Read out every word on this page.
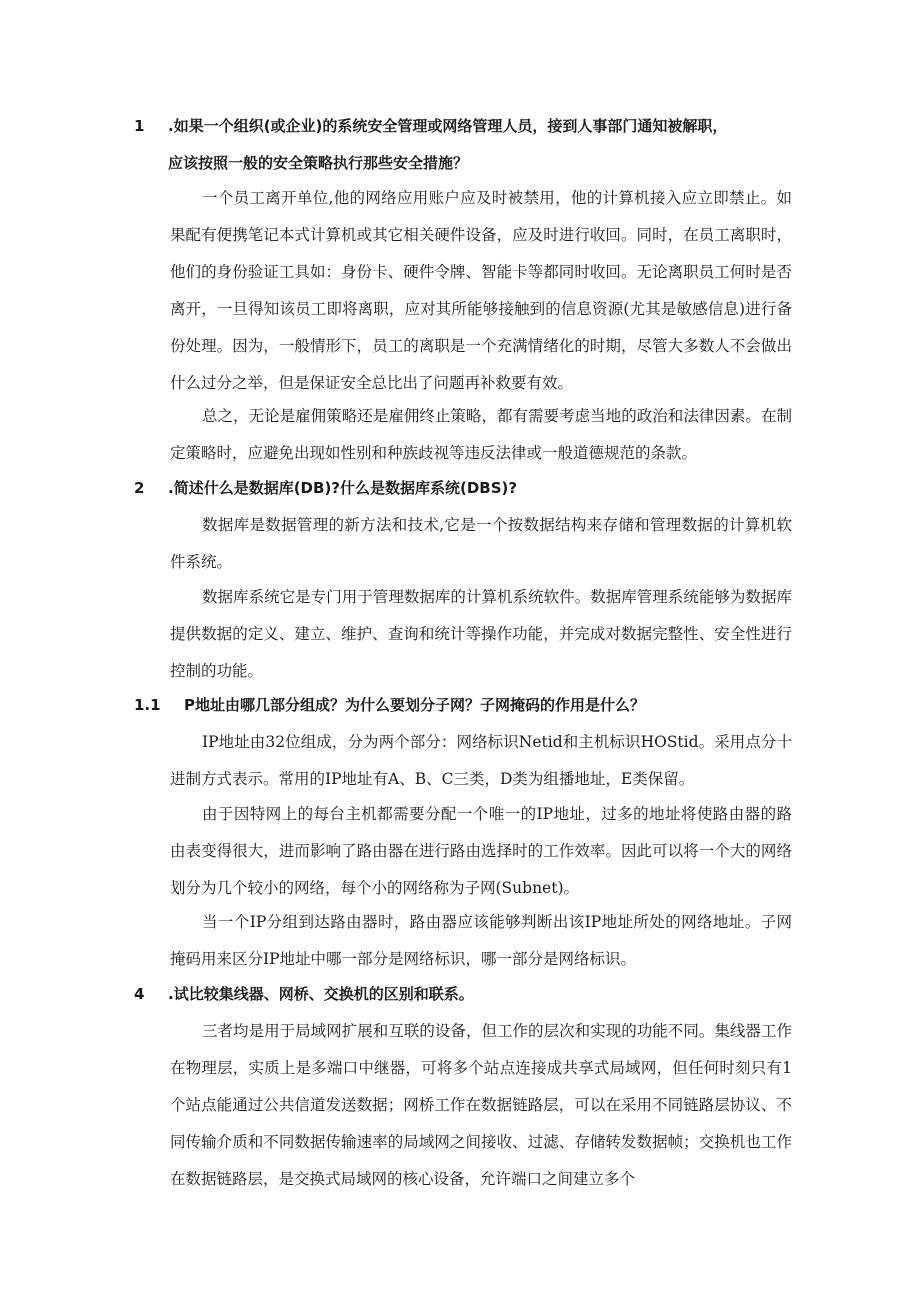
1 .如果一个组织(或企业)的系统安全管理或网络管理人员，接到人事部门通知被解职，
应该按照一般的安全策略执行那些安全措施？

一个员工离开单位,他的网络应用账户应及时被禁用，他的计算机接入应立即禁止。如果配有便携笔记本式计算机或其它相关硬件设备，应及时进行收回。同时，在员工离职时，他们的身份验证工具如：身份卡、硬件令牌、智能卡等都同时收回。无论离职员工何时是否离开，一旦得知该员工即将离职，应对其所能够接触到的信息资源(尤其是敏感信息)进行备份处理。因为，一般情形下，员工的离职是一个充满情绪化的时期，尽管大多数人不会做出什么过分之举，但是保证安全总比出了问题再补救要有效。

总之，无论是雇佣策略还是雇佣终止策略，都有需要考虑当地的政治和法律因素。在制定策略时，应避免出现如性别和种族歧视等违反法律或一般道德规范的条款。

2 .简述什么是数据库(DB)?什么是数据库系统(DBS)?

数据库是数据管理的新方法和技术,它是一个按数据结构来存储和管理数据的计算机软件系统。

数据库系统它是专门用于管理数据库的计算机系统软件。数据库管理系统能够为数据库提供数据的定义、建立、维护、查询和统计等操作功能，并完成对数据完整性、安全性进行控制的功能。

1.1 P地址由哪几部分组成？为什么要划分子网？子网掩码的作用是什么？

IP地址由32位组成，分为两个部分：网络标识Netid和主机标识HOStid。采用点分十进制方式表示。常用的IP地址有A、B、C三类，D类为组播地址，E类保留。

由于因特网上的每台主机都需要分配一个唯一的IP地址，过多的地址将使路由器的路由表变得很大，进而影响了路由器在进行路由选择时的工作效率。因此可以将一个大的网络划分为几个较小的网络，每个小的网络称为子网(Subnet)。

当一个IP分组到达路由器时，路由器应该能够判断出该IP地址所处的网络地址。子网掩码用来区分IP地址中哪一部分是网络标识，哪一部分是网络标识。

4 .试比较集线器、网桥、交换机的区别和联系。

三者均是用于局域网扩展和互联的设备，但工作的层次和实现的功能不同。集线器工作在物理层，实质上是多端口中继器，可将多个站点连接成共享式局域网，但任何时刻只有1个站点能通过公共信道发送数据；网桥工作在数据链路层，可以在采用不同链路层协议、不同传输介质和不同数据传输速率的局域网之间接收、过滤、存储转发数据帧；交换机也工作在数据链路层，是交换式局域网的核心设备，允许端口之间建立多个
